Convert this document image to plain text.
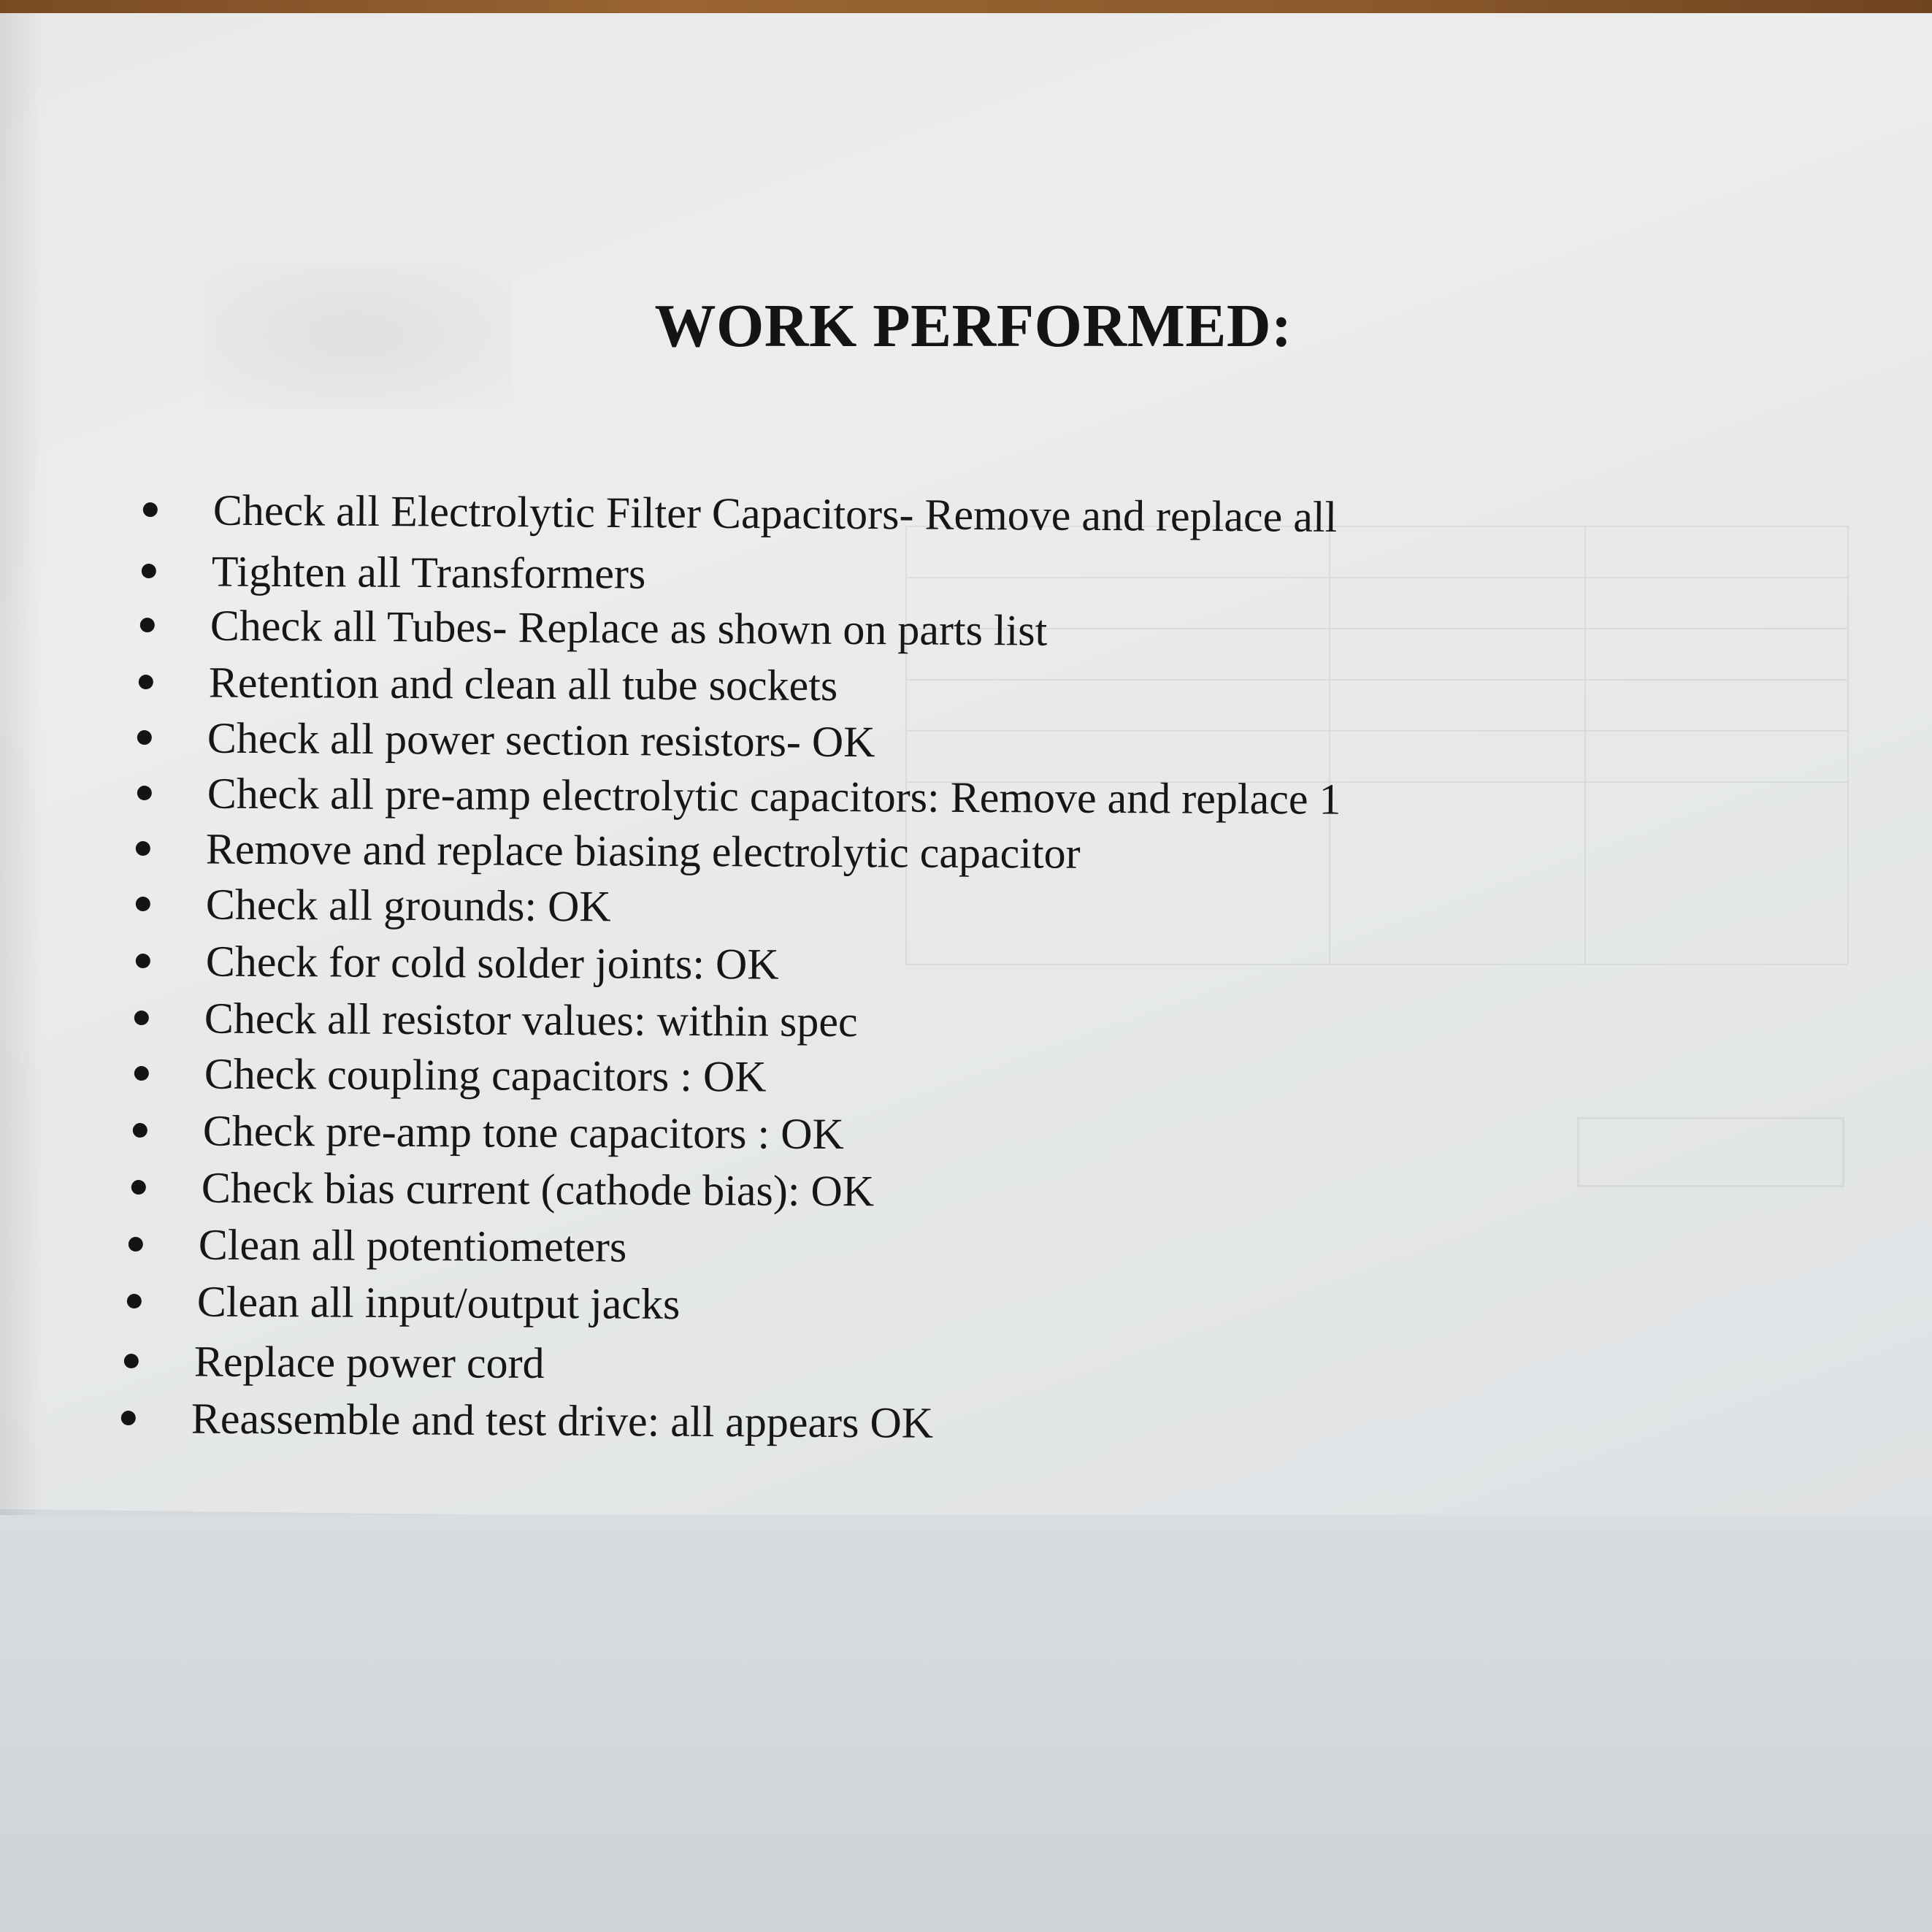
WORK PERFORMED:
Check all Electrolytic Filter Capacitors- Remove and replace all
Tighten all Transformers
Check all Tubes- Replace as shown on parts list
Retention and clean all tube sockets
Check all power section resistors- OK
Check all pre-amp electrolytic capacitors: Remove and replace 1
Remove and replace biasing electrolytic capacitor
Check all grounds: OK
Check for cold solder joints: OK
Check all resistor values: within spec
Check coupling capacitors : OK
Check pre-amp tone capacitors : OK
Check bias current (cathode bias): OK
Clean all potentiometers
Clean all input/output jacks
Replace power cord
Reassemble and test drive: all appears OK
